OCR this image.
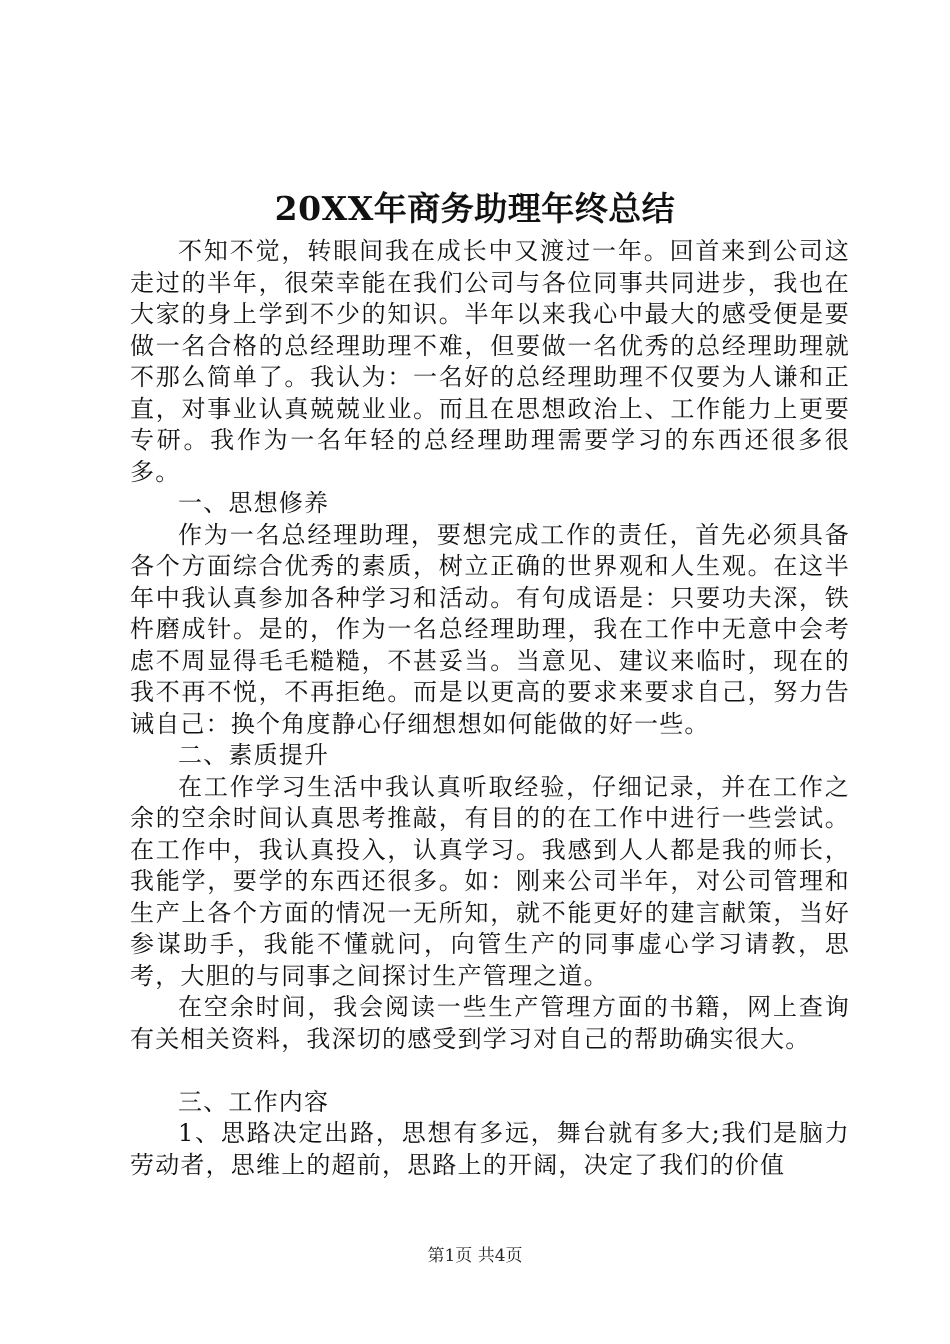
20XX年商务助理年终总结

不知不觉，转眼间我在成长中又渡过一年。回首来到公司这走过的半年，很荣幸能在我们公司与各位同事共同进步，我也在大家的身上学到不少的知识。半年以来我心中最大的感受便是要做一名合格的总经理助理不难，但要做一名优秀的总经理助理就不那么简单了。我认为：一名好的总经理助理不仅要为人谦和正直，对事业认真兢兢业业。而且在思想政治上、工作能力上更要专研。我作为一名年轻的总经理助理需要学习的东西还很多很多。

一、思想修养

作为一名总经理助理，要想完成工作的责任，首先必须具备各个方面综合优秀的素质，树立正确的世界观和人生观。在这半年中我认真参加各种学习和活动。有句成语是：只要功夫深，铁杵磨成针。是的，作为一名总经理助理，我在工作中无意中会考虑不周显得毛毛糙糙，不甚妥当。当意见、建议来临时，现在的我不再不悦，不再拒绝。而是以更高的要求来要求自己，努力告诫自己：换个角度静心仔细想想如何能做的好一些。

二、素质提升

在工作学习生活中我认真听取经验，仔细记录，并在工作之余的空余时间认真思考推敲，有目的的在工作中进行一些尝试。在工作中，我认真投入，认真学习。我感到人人都是我的师长，我能学，要学的东西还很多。如：刚来公司半年，对公司管理和生产上各个方面的情况一无所知，就不能更好的建言献策，当好参谋助手，我能不懂就问，向管生产的同事虚心学习请教，思考，大胆的与同事之间探讨生产管理之道。

在空余时间，我会阅读一些生产管理方面的书籍，网上查询有关相关资料，我深切的感受到学习对自己的帮助确实很大。

三、工作内容

1、思路决定出路，思想有多远，舞台就有多大;我们是脑力劳动者，思维上的超前，思路上的开阔，决定了我们的价值

第1页 共4页
